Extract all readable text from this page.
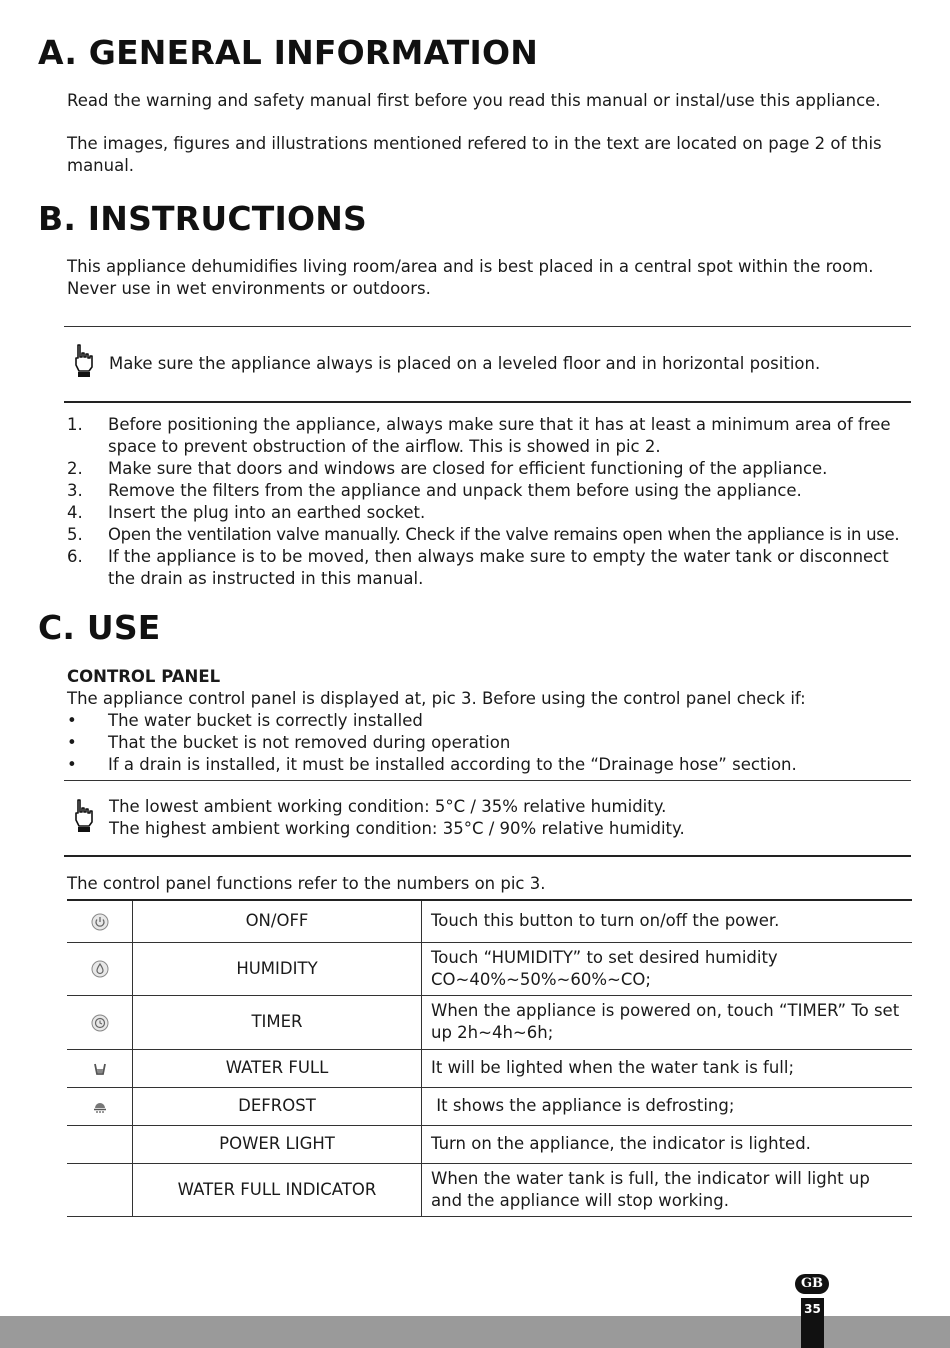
A. GENERAL INFORMATION

Read the warning and safety manual first before you read this manual or instal/use this appliance.

The images, figures and illustrations mentioned refered to in the text are located on page 2 of this manual.

B. INSTRUCTIONS

This appliance dehumidifies living room/area and is best placed in a central spot within the room. Never use in wet environments or outdoors.

Make sure the appliance always is placed on a leveled floor and in horizontal position.
1. Before positioning the appliance, always make sure that it has at least a minimum area of free space to prevent obstruction of the airflow. This is showed in pic 2.
2. Make sure that doors and windows are closed for efficient functioning of the appliance.
3. Remove the filters from the appliance and unpack them before using the appliance.
4. Insert the plug into an earthed socket.
5. Open the ventilation valve manually. Check if the valve remains open when the appliance is in use.
6. If the appliance is to be moved, then always make sure to empty the water tank or disconnect the drain as instructed in this manual.
C. USE
CONTROL PANEL

The appliance control panel is displayed at, pic 3. Before using the control panel check if:

• The water bucket is correctly installed
• That the bucket is not removed during operation
• If a drain is installed, it must be installed according to the “Drainage hose” section.
The lowest ambient working condition: 5°C / 35% relative humidity.
The highest ambient working condition: 35°C / 90% relative humidity.

The control panel functions refer to the numbers on pic 3.

	ON/OFF	Touch this button to turn on/off the power.
	HUMIDITY	Touch “HUMIDITY” to set desired humidity CO~40%~50%~60%~CO;
	TIMER	When the appliance is powered on, touch “TIMER” To set up 2h~4h~6h;
	WATER FULL	It will be lighted when the water tank is full;
	DEFROST	It shows the appliance is defrosting;
	POWER LIGHT	Turn on the appliance, the indicator is lighted.
	WATER FULL INDICATOR	When the water tank is full, the indicator will light up and the appliance will stop working.
GB
35
